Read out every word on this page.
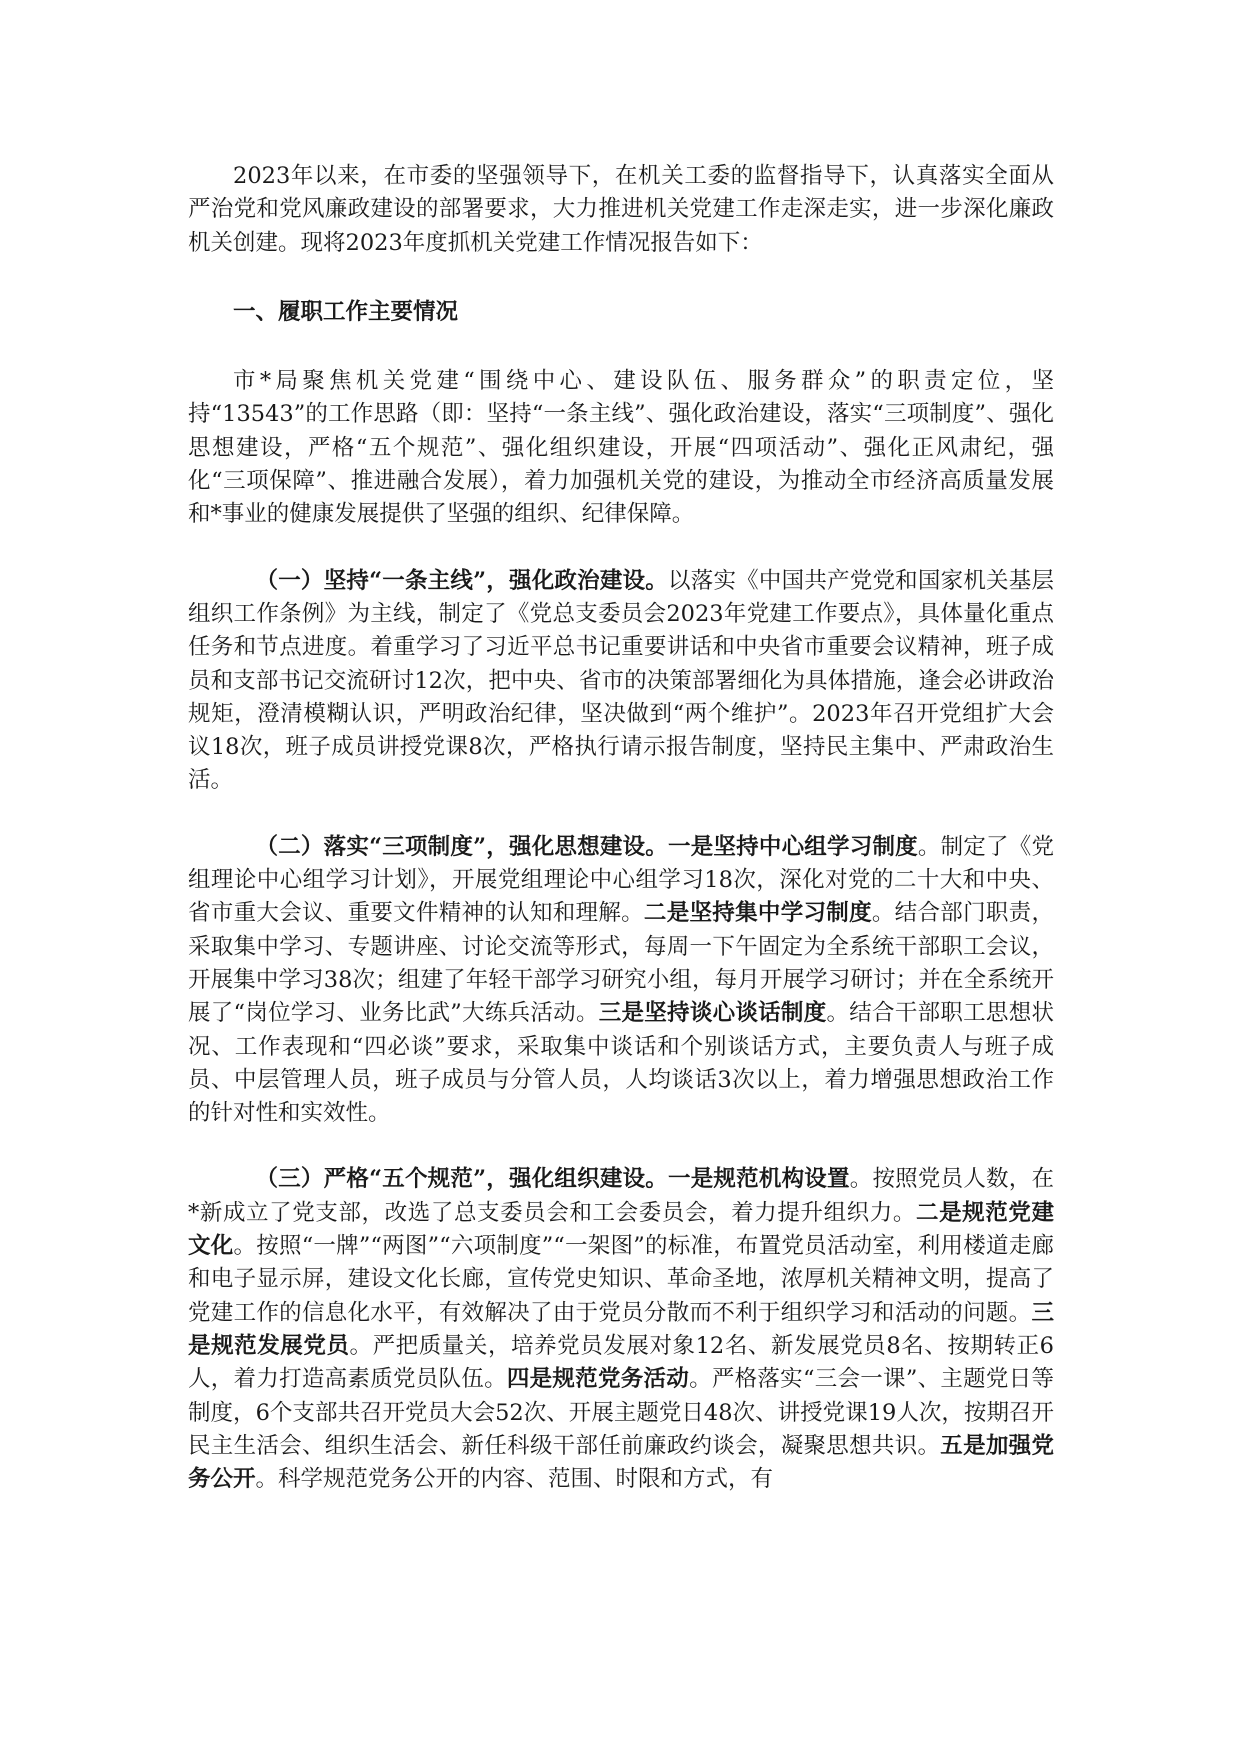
2023年以来，在市委的坚强领导下，在机关工委的监督指导下，认真落实全面从严治党和党风廉政建设的部署要求，大力推进机关党建工作走深走实，进一步深化廉政机关创建。现将2023年度抓机关党建工作情况报告如下：

一、履职工作主要情况

市*局聚焦机关党建“围绕中心、建设队伍、服务群众”的职责定位，坚持“13543”的工作思路（即：坚持“一条主线”、强化政治建设，落实“三项制度”、强化思想建设，严格“五个规范”、强化组织建设，开展“四项活动”、强化正风肃纪，强化“三项保障”、推进融合发展），着力加强机关党的建设，为推动全市经济高质量发展和*事业的健康发展提供了坚强的组织、纪律保障。

（一）坚持“一条主线”，强化政治建设。以落实《中国共产党党和国家机关基层组织工作条例》为主线，制定了《党总支委员会2023年党建工作要点》，具体量化重点任务和节点进度。着重学习了习近平总书记重要讲话和中央省市重要会议精神，班子成员和支部书记交流研讨12次，把中央、省市的决策部署细化为具体措施，逢会必讲政治规矩，澄清模糊认识，严明政治纪律，坚决做到“两个维护”。2023年召开党组扩大会议18次，班子成员讲授党课8次，严格执行请示报告制度，坚持民主集中、严肃政治生活。

（二）落实“三项制度”，强化思想建设。一是坚持中心组学习制度。制定了《党组理论中心组学习计划》，开展党组理论中心组学习18次，深化对党的二十大和中央、省市重大会议、重要文件精神的认知和理解。二是坚持集中学习制度。结合部门职责，采取集中学习、专题讲座、讨论交流等形式，每周一下午固定为全系统干部职工会议，开展集中学习38次；组建了年轻干部学习研究小组，每月开展学习研讨；并在全系统开展了“岗位学习、业务比武”大练兵活动。三是坚持谈心谈话制度。结合干部职工思想状况、工作表现和“四必谈”要求，采取集中谈话和个别谈话方式，主要负责人与班子成员、中层管理人员，班子成员与分管人员，人均谈话3次以上，着力增强思想政治工作的针对性和实效性。

（三）严格“五个规范”，强化组织建设。一是规范机构设置。按照党员人数，在*新成立了党支部，改选了总支委员会和工会委员会，着力提升组织力。二是规范党建文化。按照“一牌”“两图”“六项制度”“一架图”的标准，布置党员活动室，利用楼道走廊和电子显示屏，建设文化长廊，宣传党史知识、革命圣地，浓厚机关精神文明，提高了党建工作的信息化水平，有效解决了由于党员分散而不利于组织学习和活动的问题。三是规范发展党员。严把质量关，培养党员发展对象12名、新发展党员8名、按期转正6人，着力打造高素质党员队伍。四是规范党务活动。严格落实“三会一课”、主题党日等制度，6个支部共召开党员大会52次、开展主题党日48次、讲授党课19人次，按期召开民主生活会、组织生活会、新任科级干部任前廉政约谈会，凝聚思想共识。五是加强党务公开。科学规范党务公开的内容、范围、时限和方式，有
